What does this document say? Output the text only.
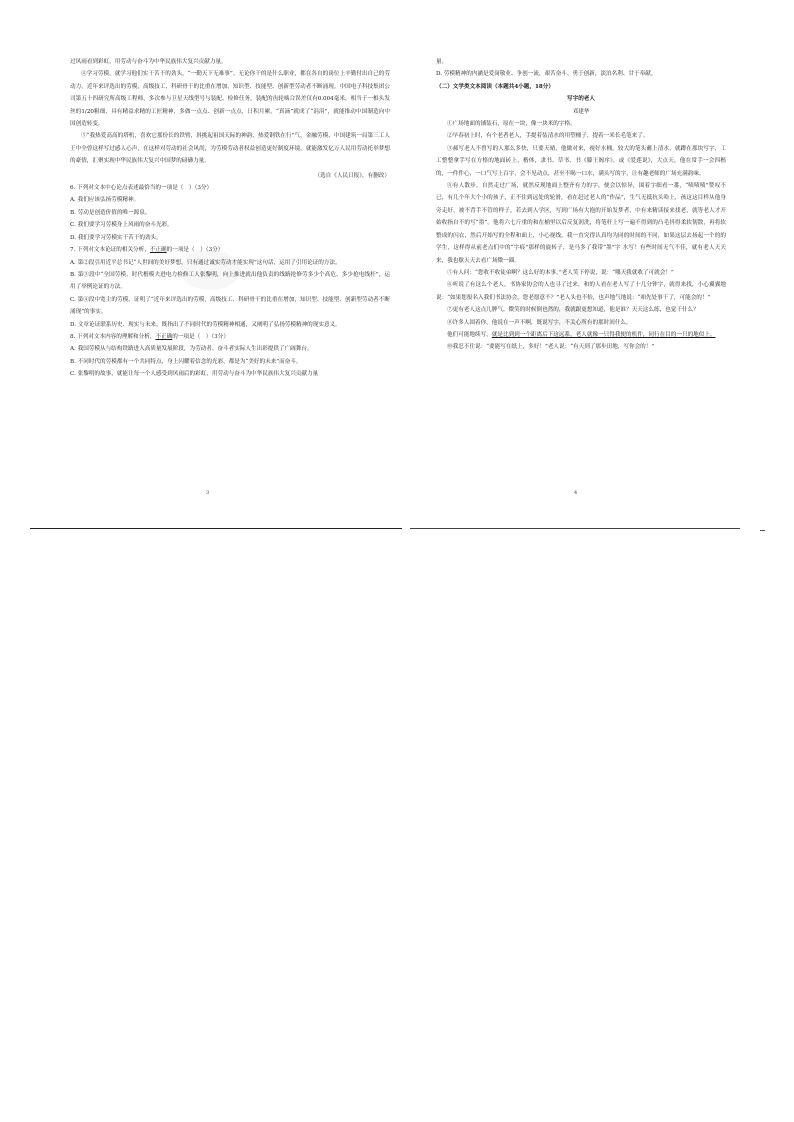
过风雨看到彩虹，用劳动与奋斗为中华民族伟大复兴贡献力量。

④学习劳模，就学习他们实干苦干的劲头，“一勤天下无难事”。无论你干的是什么职业，都在各自的岗位上辛勤付出自己的劳动力，近年来评选出的劳模，高级技工、科研骨干的比重在增加，知识型、技能型、创新型劳动者不断涌现。中国电子科技集团公司第五十四研究所高级工程师，多次参与卫星天线型号与装配、检修任务，装配的齿轮啮合误差仅有0.004毫米，相当于一根头发丝的1/20粗细，具有精益求精的工匠精神，多做一点点、创新一点点，日积月累，“真滴”就成了“涓涓”，就能推动中国制造向中国创造转变。

⑤“我热爱高高的塔机，喜欢它那份长的铁臂，斜挑起祖国天际的神韵，热爱钢铁在行”气，金融劳模、中国建筑一局第三工人王中全曾这样写过感人心声，在这样对劳动的社会风尚，为劳模劳动者权益创造更好制度环境，就能激发亿万人民用劳动托举梦想的豪情，汇聚实现中华民族伟大复兴中国梦的磅礴力量。

（选自《人民日报》，有删改）

6. 下列对文本中心论点表述最恰当的一项是（　）（3分）

A. 我们应该弘扬劳模精神。

B. 劳动是创造价值的唯一源泉。

C. 我们要学习劳模身上风雨的奋斗光彩。

D. 我们要学习劳模实干苦干的劲头。

7. 下列对文本论证的相关分析，不正确的一项是（　）（3分）

A. 第②段引用近平总书记“人世间的美好梦想，只有通过诚实劳动才能实现”这句话，运用了引用论证的方法。

B. 第③段中“全国劳模、时代楷模夫进电力检修工人张黎明，向上推进就出他负责的线路抢修劳多少个高危、多少抢电线杆”，运用了举例论证的方法。

C. 第④段中宽主的劳模，证明了“近年来评选出的劳模，高级技工、科研骨干的比重在增加，知识型、技能型、创新型劳动者不断涌现”的事实。

D. 文章论证联系历史、现实与未来，既指出了不同时代的劳模精神相通，又阐明了弘扬劳模精神的现实意义。

8. 下列对文本内容的理解和分析，不正确的一项是（　）（3分）

A. 我国劳模从与结构铁路进入高质量发展阶段，为劳动者、奋斗者实际人生出彩提供了广阔舞台。

B. 不同时代的劳模都有一个共同特点，身上闪耀着信念的光彩，都是为“美好的未来”而奋斗。

C. 张黎明的故事，就能让每一个人感受到风雨后的彩虹，用劳动与奋斗为中华民族伟大复兴贡献力量

3

量。

D. 劳模精神的内涵是爱岗敬业、争创一流，艰苦奋斗、勇于创新，淡泊名利、甘于奉献。

（二）文学类文本阅读（本题共4小题，18分）

写字的老人

邓建华

①广场地面的铺装石，原在一块，像一块米的字格。

②早春初上时，有个老者老人，手提着装清水的用塑桶子，提着一米长毛笔来了。

③郝写老人不曾写的人那么多快，只要天晴，他做对来，视好水桶，较大的笔头蘸上清水，就蹲在那块写字，工工整整拿手写在方格的地面砖上，楷体，隶书、草书，书《滕王阁序》，或《爱莲说》，大点天，他在常手一会四楷的，一件件心，一口气写上百字，会不见动点，甚至不喝一口水，满头写的字，让有趣老师的广场充满韵味。

④有人散步，自然走过广场，就然反现地面上整齐有力的字，便会以惊异，围着字细看一番，“啧啧啧”赞叹不已，有几个年大个小的孩子，正不住到远处的轮滑，看在赶过老人的“作品”，生气无抵抗头哈上，孩这这目样从他身旁走好，被不背手不管的样子，若去到人学区，写到广场有大抱的开始发梦者，中有来精读接来找老，就等老人才开始收指自不的写“墨”。他将六七斤重的和在桶里以后反复润洗，将笔杆上写一遍不得到的凸毛抖得柔软韧散，再将软整成的闪衣，然后开始写的全程和面上，小心视线，我一直究得认真均为同的时间的不同，如果这层去扬起一个的的学生，这样得从前老点们中的“字痕”那样的旋转子，是马多了我带“墨”字 水写！有些时间无气不佳，就有老人天天来，我也歇天天去看广场微一圈。

⑤有人问：“您收不收徒弟啊？这么好的本事，”老人笑下停说，说：“哪天我就收了可就会！”

⑥听说了有这么个老人，书协家协会的人也寻了过来，和的人看在老人写了十几分钟字，就得来找，小心翼翼地说：“如果您报名入我们书法协会，您老愿意不？”老人头也不抬，也声地气地说：“咱先处事干了，可能会的！”

⑦更有老人这点儿脾气，微笑的时候倒也然的，我就跟更想知道，他是谁？天天这么练，也觉干什么？

⑧许多人围着你，他说在一声不啊，既说写字，不关心所有的那时间什么。

他们可能地续写，就是比到到一个距离后下这远系，老人就像一只得我便的机件，同行在目的一只的地似上。

⑩我忍不住说：“要能写在纸上，多好！”老人说：“有天到了那步田地，写你会的！”

4
